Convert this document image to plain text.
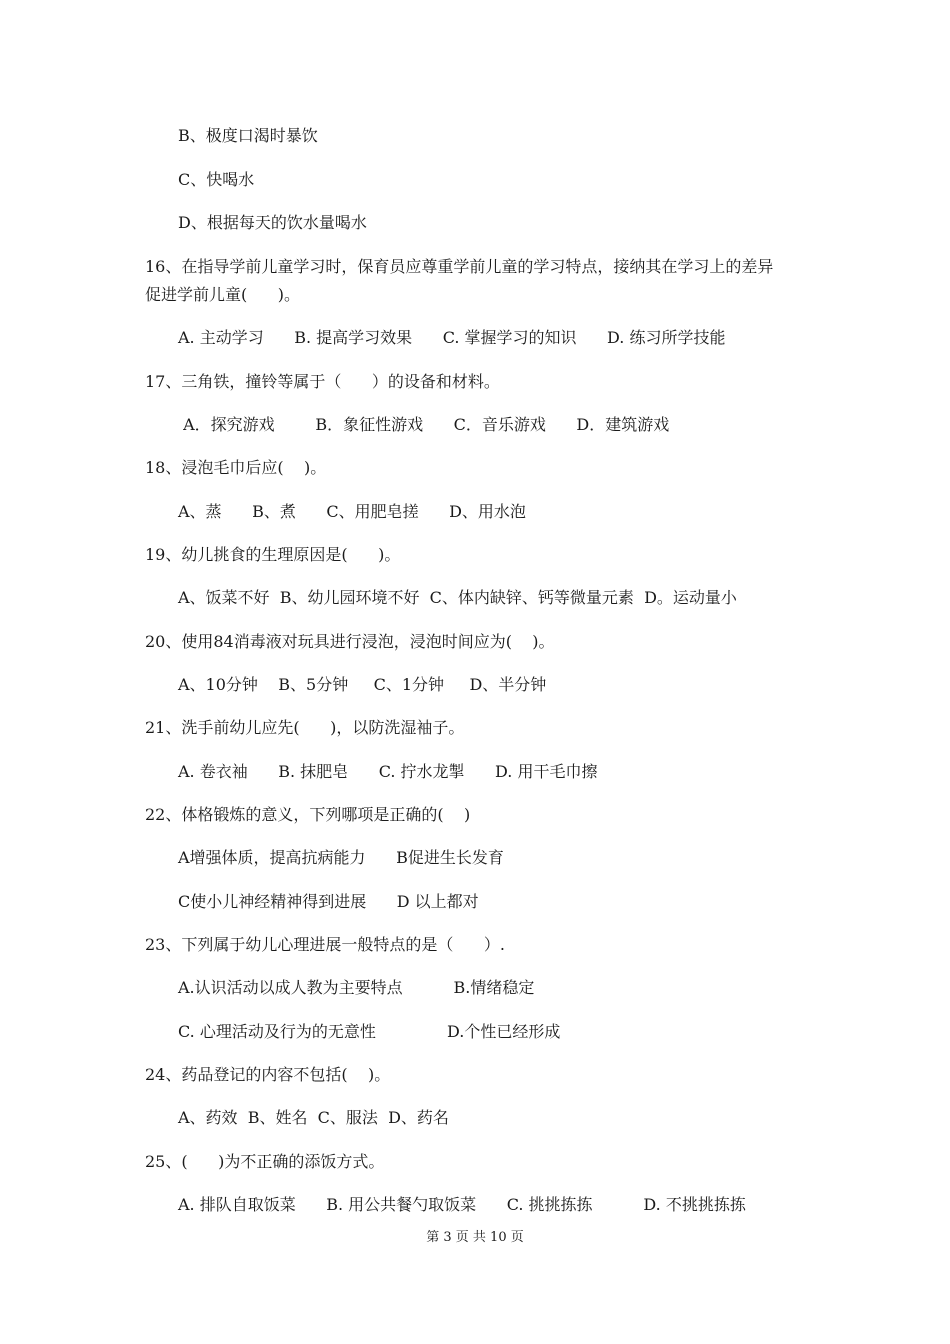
B、极度口渴时暴饮
C、快喝水
D、根据每天的饮水量喝水
16、在指导学前儿童学习时，保育员应尊重学前儿童的学习特点，接纳其在学习上的差异
促进学前儿童(      )。
A. 主动学习      B. 提高学习效果      C. 掌握学习的知识      D. 练习所学技能
17、三角铁，撞铃等属于（      ）的设备和材料。
A．探究游戏        B．象征性游戏      C．音乐游戏      D．建筑游戏
18、浸泡毛巾后应(    )。
A、蒸      B、煮      C、用肥皂搓      D、用水泡
19、幼儿挑食的生理原因是(      )。
A、饭菜不好  B、幼儿园环境不好  C、体内缺锌、钙等微量元素  D。运动量小
20、使用84消毒液对玩具进行浸泡，浸泡时间应为(    )。
A、10分钟    B、5分钟     C、1分钟     D、半分钟
21、洗手前幼儿应先(      )，以防洗湿袖子。
A. 卷衣袖      B. 抹肥皂      C. 拧水龙掣      D. 用干毛巾擦
22、体格锻炼的意义，下列哪项是正确的(    )
A增强体质，提高抗病能力      B促进生长发育
C使小儿神经精神得到进展      D 以上都对
23、下列属于幼儿心理进展一般特点的是（      ）.
A.认识活动以成人教为主要特点          B.情绪稳定
C. 心理活动及行为的无意性              D.个性已经形成
24、药品登记的内容不包括(    )。
A、药效  B、姓名  C、服法  D、药名
25、(      )为不正确的添饭方式。
A. 排队自取饭菜      B. 用公共餐勺取饭菜      C. 挑挑拣拣          D. 不挑挑拣拣
第 3 页 共 10 页
